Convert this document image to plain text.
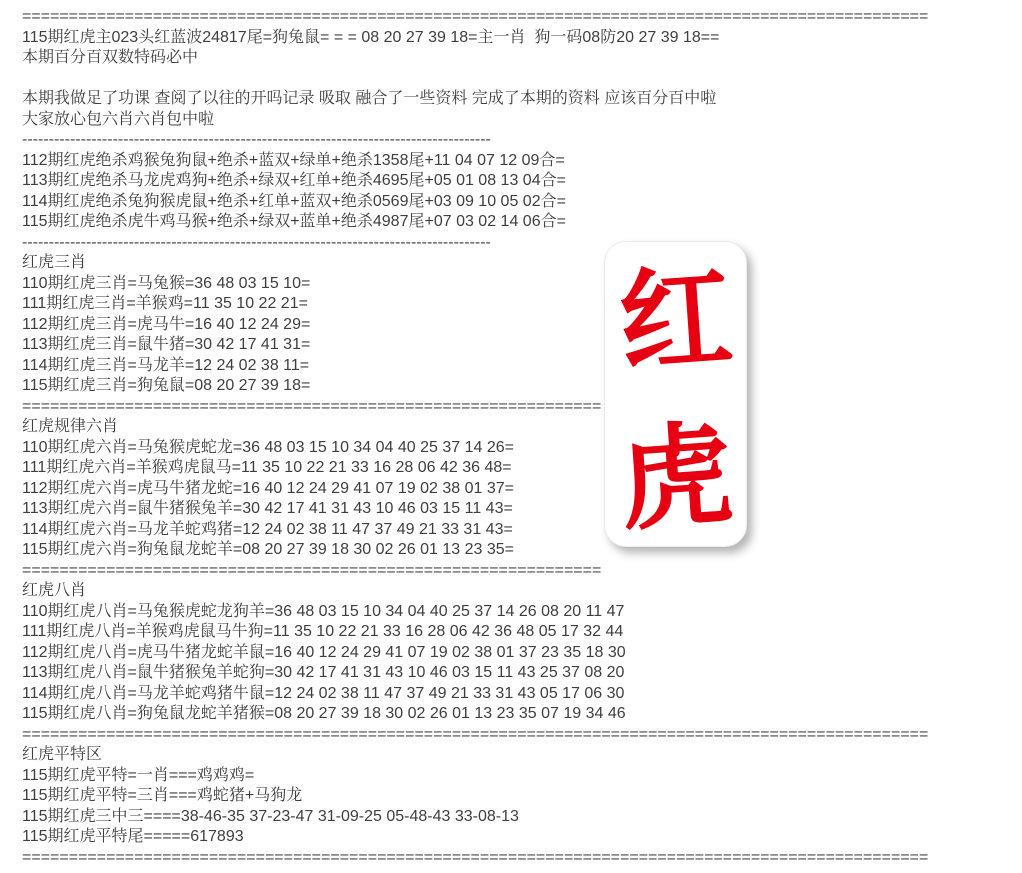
=================================================================================================
115期红虎主023头红蓝波24817尾=狗兔鼠= = = 08 20 27 39 18=主一肖  狗一码08防20 27 39 18==
本期百分百双数特码必中
本期我做足了功课 查阅了以往的开吗记录 吸取 融合了一些资料 完成了本期的资料 应该百分百中啦
大家放心包六肖六肖包中啦
----------------------------------------------------------------------------------------
112期红虎绝杀鸡猴兔狗鼠+绝杀+蓝双+绿单+绝杀1358尾+11 04 07 12 09合=
113期红虎绝杀马龙虎鸡狗+绝杀+绿双+红单+绝杀4695尾+05 01 08 13 04合=
114期红虎绝杀兔狗猴虎鼠+绝杀+红单+蓝双+绝杀0569尾+03 09 10 05 02合=
115期红虎绝杀虎牛鸡马猴+绝杀+绿双+蓝单+绝杀4987尾+07 03 02 14 06合=
----------------------------------------------------------------------------------------
红虎三肖
110期红虎三肖=马兔猴=36 48 03 15 10=
111期红虎三肖=羊猴鸡=11 35 10 22 21=
112期红虎三肖=虎马牛=16 40 12 24 29=
113期红虎三肖=鼠牛猪=30 42 17 41 31=
114期红虎三肖=马龙羊=12 24 02 38 11=
115期红虎三肖=狗兔鼠=08 20 27 39 18=
==============================================================
红虎规律六肖
110期红虎六肖=马兔猴虎蛇龙=36 48 03 15 10 34 04 40 25 37 14 26=
111期红虎六肖=羊猴鸡虎鼠马=11 35 10 22 21 33 16 28 06 42 36 48=
112期红虎六肖=虎马牛猪龙蛇=16 40 12 24 29 41 07 19 02 38 01 37=
113期红虎六肖=鼠牛猪猴兔羊=30 42 17 41 31 43 10 46 03 15 11 43=
114期红虎六肖=马龙羊蛇鸡猪=12 24 02 38 11 47 37 49 21 33 31 43=
115期红虎六肖=狗兔鼠龙蛇羊=08 20 27 39 18 30 02 26 01 13 23 35=
==============================================================
红虎八肖
110期红虎八肖=马兔猴虎蛇龙狗羊=36 48 03 15 10 34 04 40 25 37 14 26 08 20 11 47
111期红虎八肖=羊猴鸡虎鼠马牛狗=11 35 10 22 21 33 16 28 06 42 36 48 05 17 32 44
112期红虎八肖=虎马牛猪龙蛇羊鼠=16 40 12 24 29 41 07 19 02 38 01 37 23 35 18 30
113期红虎八肖=鼠牛猪猴兔羊蛇狗=30 42 17 41 31 43 10 46 03 15 11 43 25 37 08 20
114期红虎八肖=马龙羊蛇鸡猪牛鼠=12 24 02 38 11 47 37 49 21 33 31 43 05 17 06 30
115期红虎八肖=狗兔鼠龙蛇羊猪猴=08 20 27 39 18 30 02 26 01 13 23 35 07 19 34 46
=================================================================================================
红虎平特区
115期红虎平特=一肖===鸡鸡鸡=
115期红虎平特=三肖===鸡蛇猪+马狗龙
115期红虎三中三====38-46-35 37-23-47 31-09-25 05-48-43 33-08-13
115期红虎平特尾=====617893
=================================================================================================
红
虎
